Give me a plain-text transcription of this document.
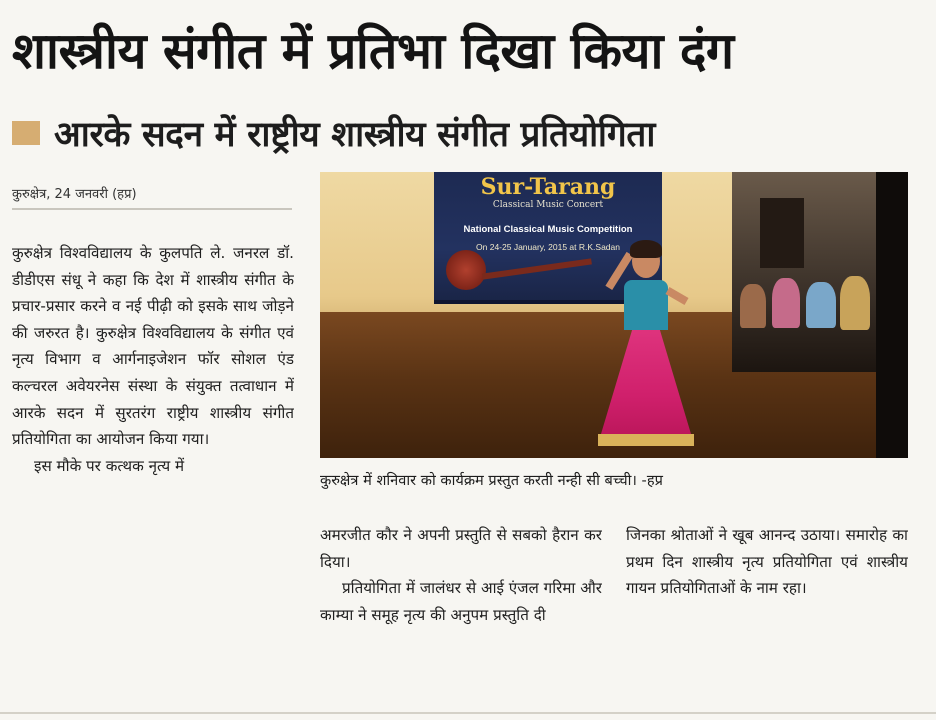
शास्त्रीय संगीत में प्रतिभा दिखा किया दंग
आरके सदन में राष्ट्रीय शास्त्रीय संगीत प्रतियोगिता
कुरुक्षेत्र, 24 जनवरी (हप्र)

कुरुक्षेत्र विश्वविद्यालय के कुलपति ले. जनरल डॉ. डीडीएस संधू ने कहा कि देश में शास्त्रीय संगीत के प्रचार-प्रसार करने व नई पीढ़ी को इसके साथ जोड़ने की जरुरत है। कुरुक्षेत्र विश्वविद्यालय के संगीत एवं नृत्य विभाग व आर्गनाइजेशन फॉर सोशल एंड कल्चरल अवेयरनेस संस्था के संयुक्त तत्वाधान में आरके सदन में सुरतरंग राष्ट्रीय शास्त्रीय संगीत प्रतियोगिता का आयोजन किया गया।

इस मौके पर कत्थक नृत्य में

Sur-Tarang
Classical Music Concert
National Classical Music Competition
On 24-25 January, 2015 at R.K.Sadan
कुरुक्षेत्र में शनिवार को कार्यक्रम प्रस्तुत करती नन्ही सी बच्ची। -हप्र

अमरजीत कौर ने अपनी प्रस्तुति से सबको हैरान कर दिया।

प्रतियोगिता में जालंधर से आई एंजल गरिमा और काम्या ने समूह नृत्य की अनुपम प्रस्तुति दी

जिनका श्रोताओं ने खूब आनन्द उठाया। समारोह का प्रथम दिन शास्त्रीय नृत्य प्रतियोगिता एवं शास्त्रीय गायन प्रतियोगिताओं के नाम रहा।
